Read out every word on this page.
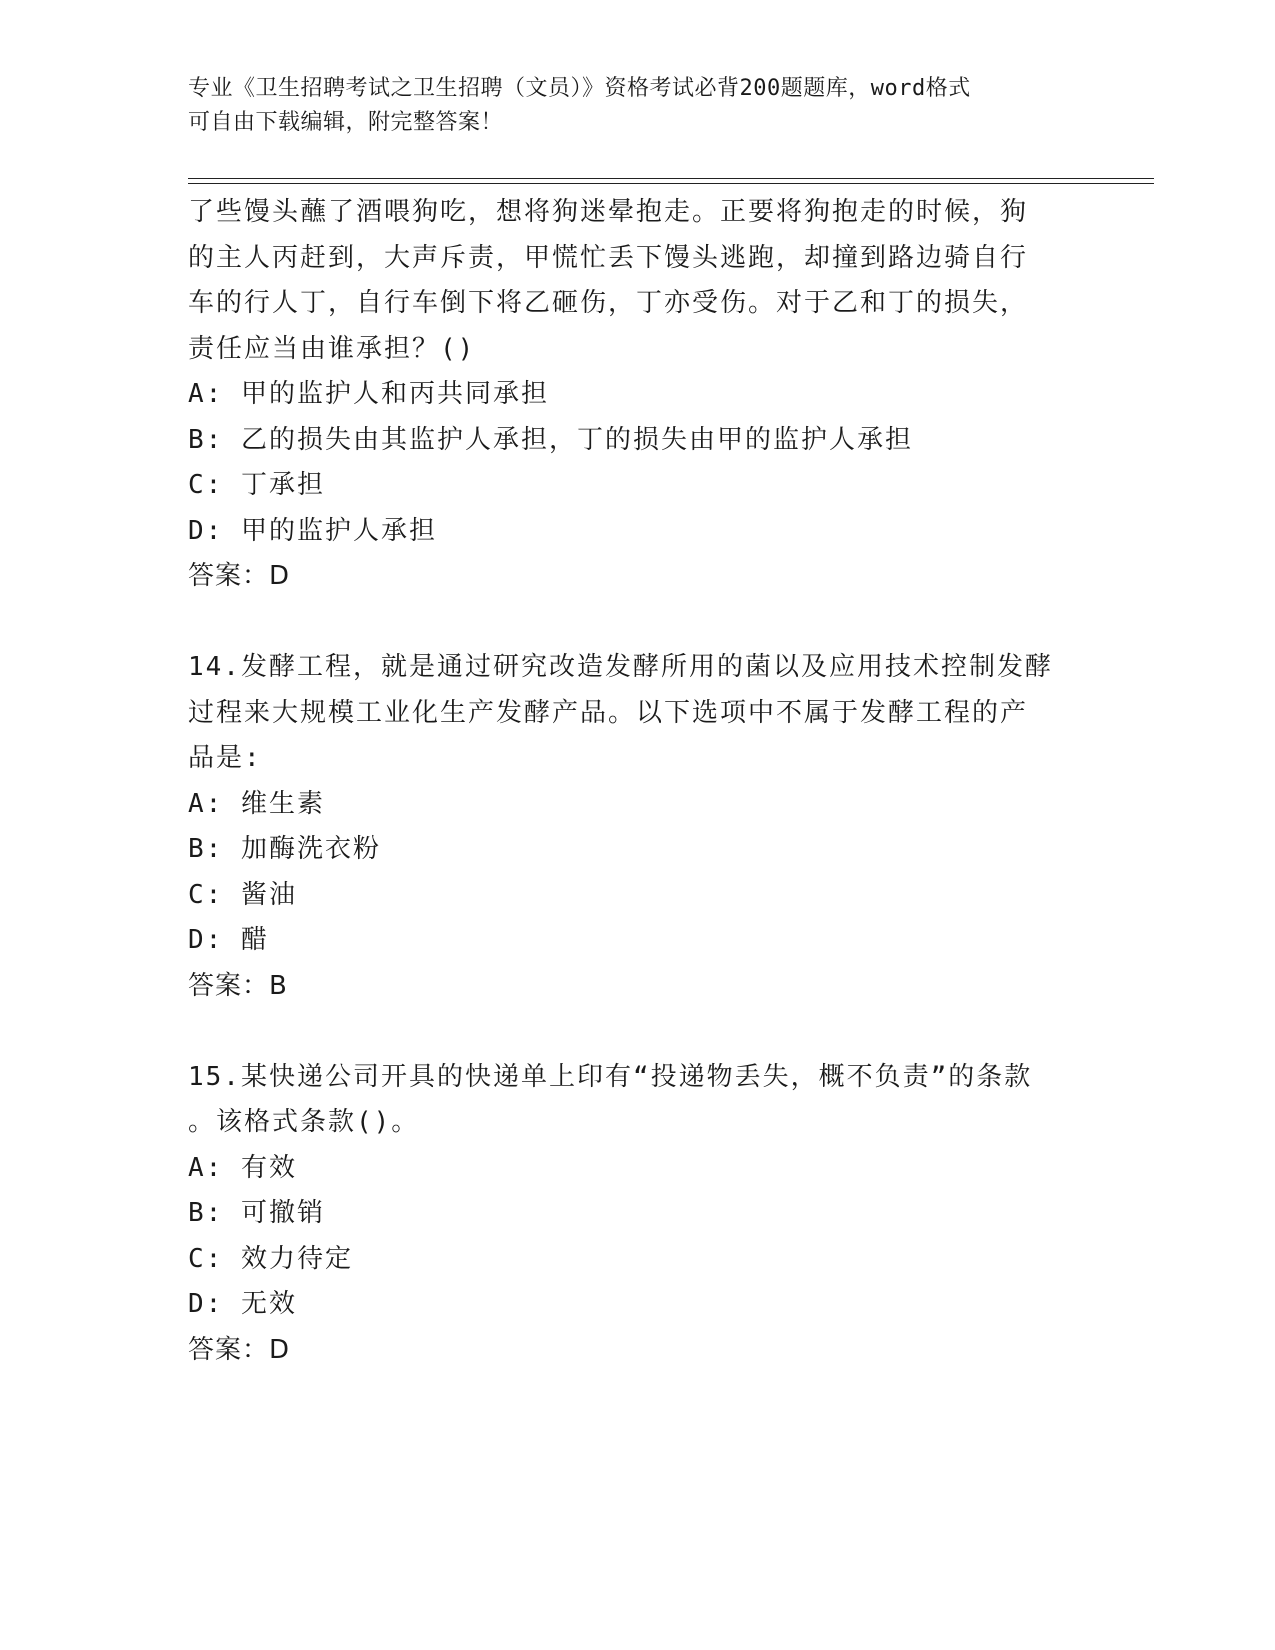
专业《卫生招聘考试之卫生招聘（文员）》资格考试必背200题题库，word格式
可自由下载编辑，附完整答案！
了些馒头蘸了酒喂狗吃，想将狗迷晕抱走。正要将狗抱走的时候，狗
的主人丙赶到，大声斥责，甲慌忙丢下馒头逃跑，却撞到路边骑自行
车的行人丁，自行车倒下将乙砸伤，丁亦受伤。对于乙和丁的损失，
责任应当由谁承担？()
A: 甲的监护人和丙共同承担
B: 乙的损失由其监护人承担，丁的损失由甲的监护人承担
C: 丁承担
D: 甲的监护人承担
答案：D
14.发酵工程，就是通过研究改造发酵所用的菌以及应用技术控制发酵
过程来大规模工业化生产发酵产品。以下选项中不属于发酵工程的产
品是:
A: 维生素
B: 加酶洗衣粉
C: 酱油
D: 醋
答案：B
15.某快递公司开具的快递单上印有“投递物丢失，概不负责”的条款
。该格式条款()。
A: 有效
B: 可撤销
C: 效力待定
D: 无效
答案：D
